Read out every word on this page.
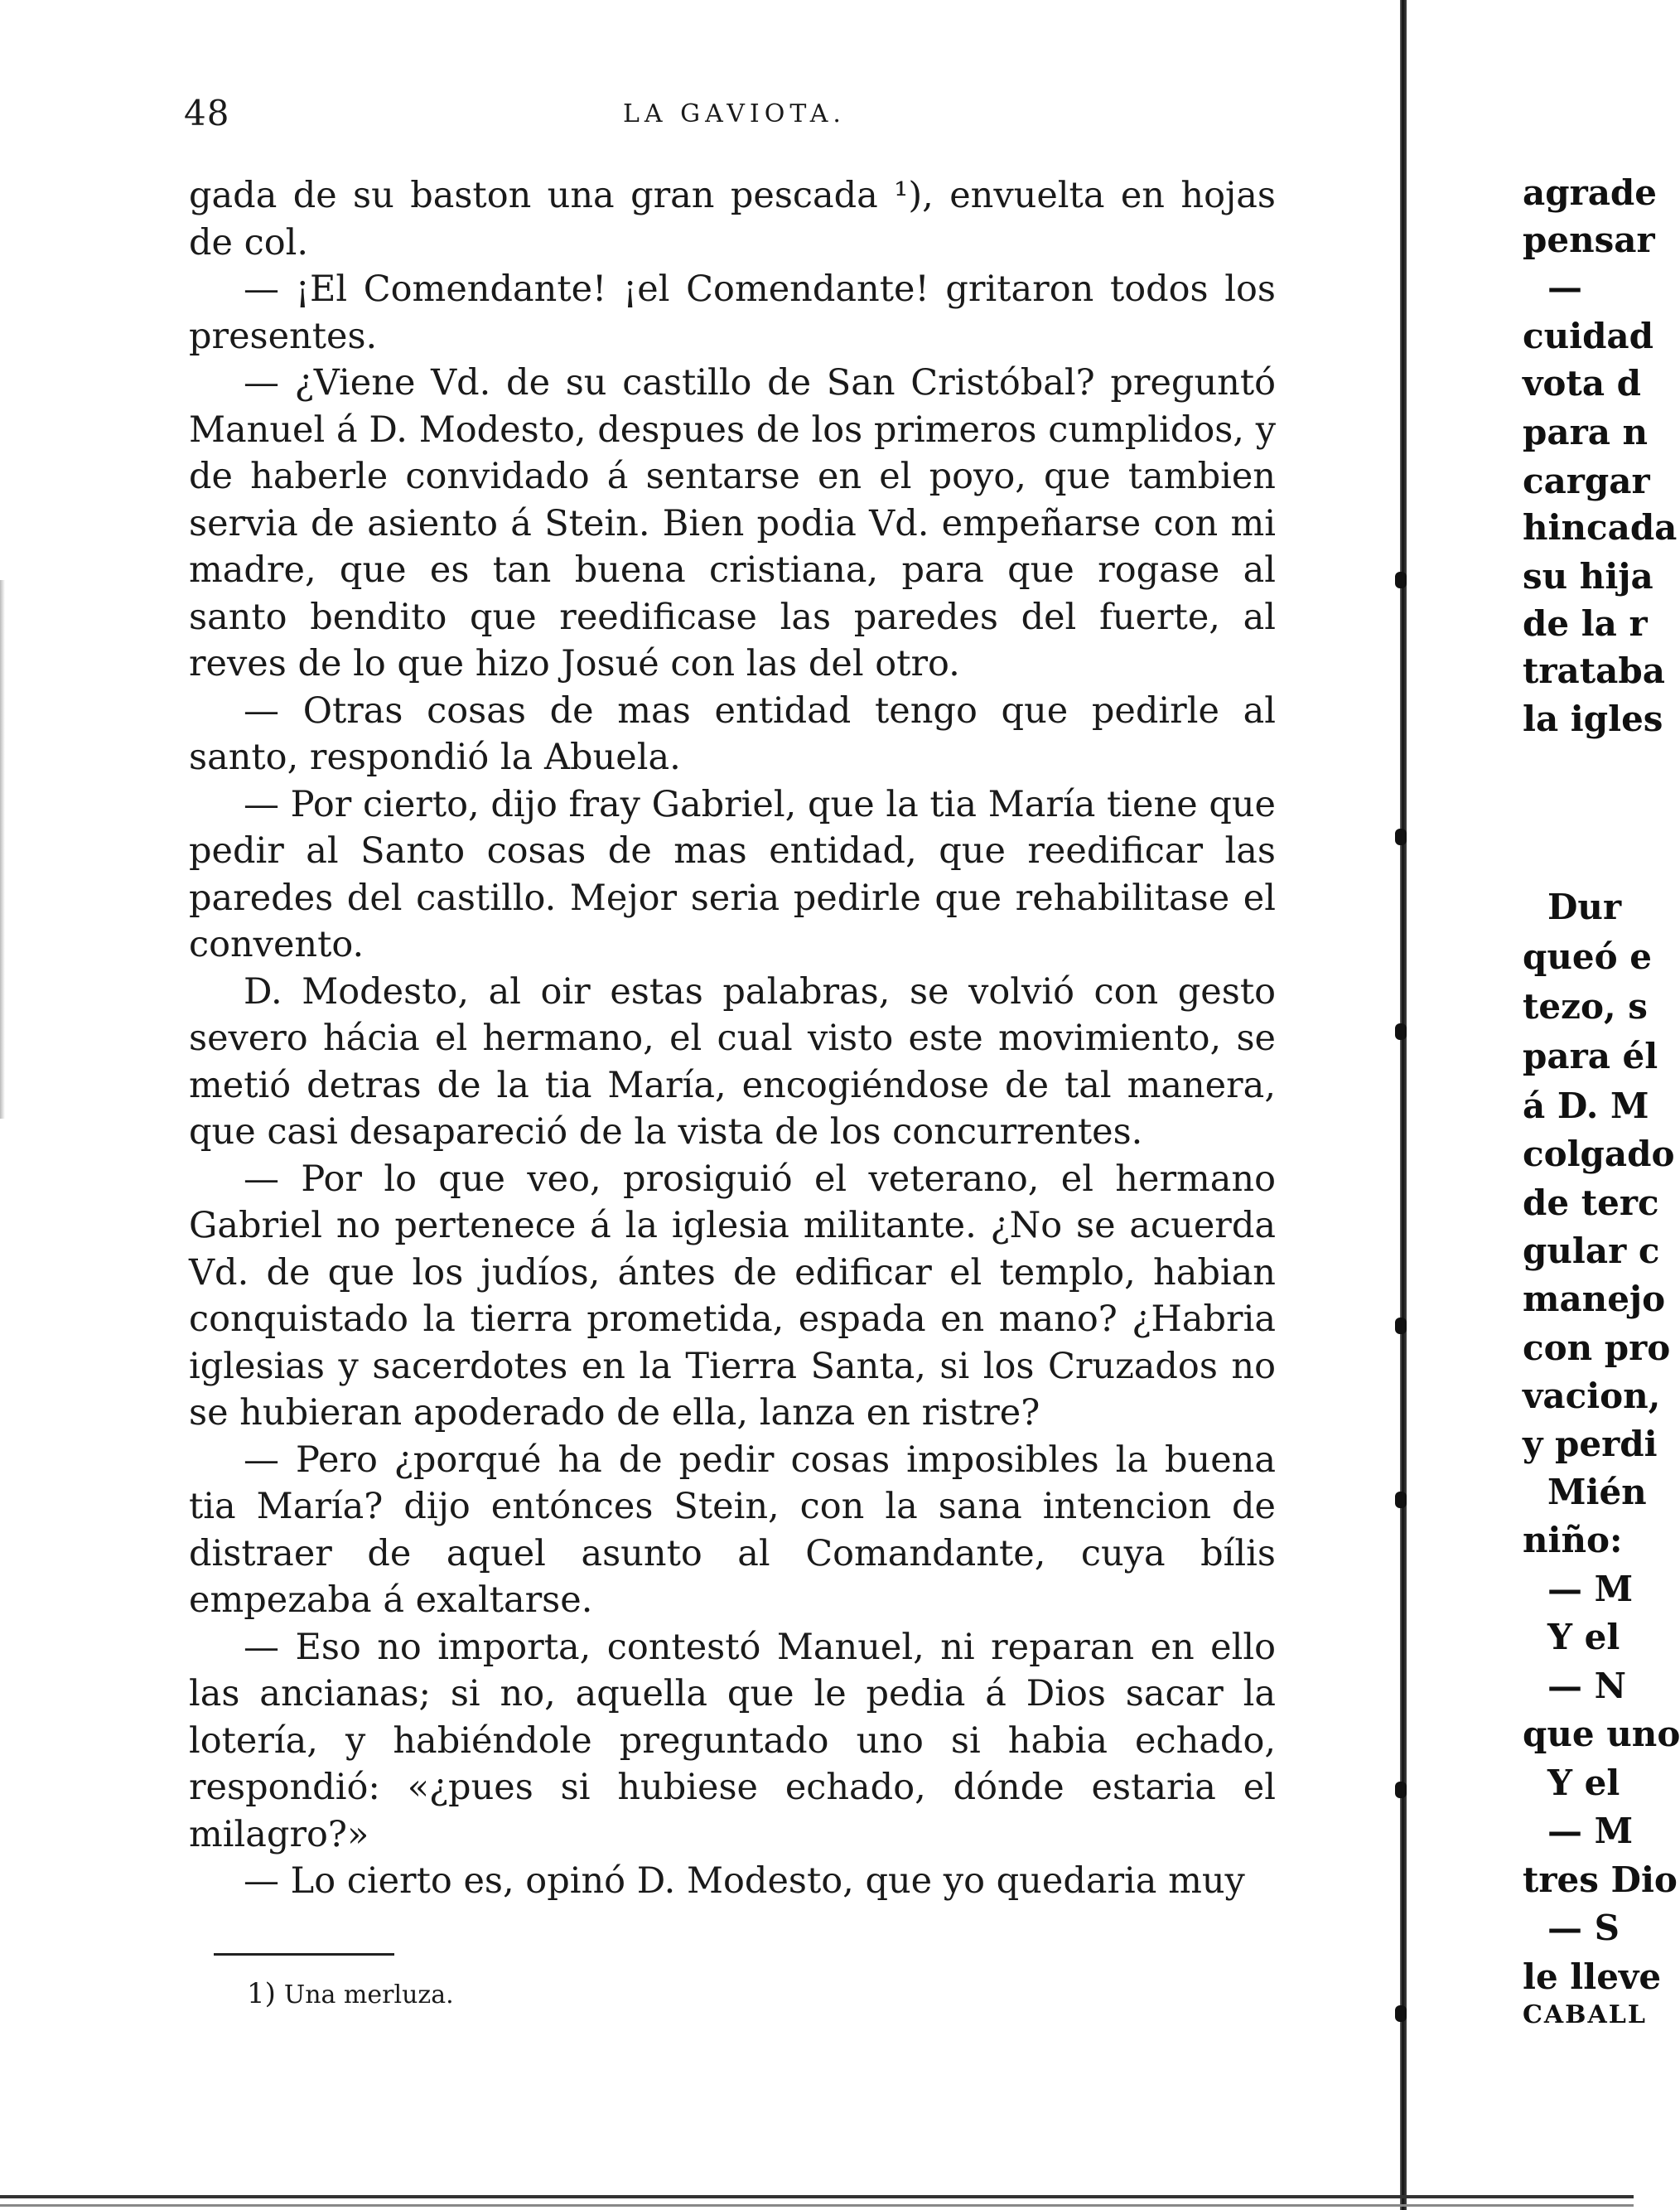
48	LA GAVIOTA.

gada de su baston una gran pescada ¹), envuelta en hojas de col.

— ¡El Comendante! ¡el Comendante! gritaron todos los presentes.

— ¿Viene Vd. de su castillo de San Cristóbal? preguntó Manuel á D. Modesto, despues de los primeros cumplidos, y de haberle convidado á sentarse en el poyo, que tambien servia de asiento á Stein. Bien podia Vd. empeñarse con mi madre, que es tan buena cristiana, para que rogase al santo bendito que reedificase las paredes del fuerte, al reves de lo que hizo Josué con las del otro.

— Otras cosas de mas entidad tengo que pedirle al santo, respondió la Abuela.

— Por cierto, dijo fray Gabriel, que la tia María tiene que pedir al Santo cosas de mas entidad, que reedificar las paredes del castillo. Mejor seria pedirle que rehabilitase el convento.

D. Modesto, al oir estas palabras, se volvió con gesto severo hácia el hermano, el cual visto este movimiento, se metió detras de la tia María, encogiéndose de tal manera, que casi desapareció de la vista de los concurrentes.

— Por lo que veo, prosiguió el veterano, el hermano Gabriel no pertenece á la iglesia militante. ¿No se acuerda Vd. de que los judíos, ántes de edificar el templo, habian conquistado la tierra prometida, espada en mano? ¿Habria iglesias y sacerdotes en la Tierra Santa, si los Cruzados no se hubieran apoderado de ella, lanza en ristre?

— Pero ¿porqué ha de pedir cosas imposibles la buena tia María? dijo entónces Stein, con la sana intencion de distraer de aquel asunto al Comandante, cuya bílis empezaba á exaltarse.

— Eso no importa, contestó Manuel, ni reparan en ello las ancianas; si no, aquella que le pedia á Dios sacar la lotería, y habiéndole preguntado uno si habia echado, respondió: «¿pues si hubiese echado, dónde estaria el milagro?»

— Lo cierto es, opinó D. Modesto, que yo quedaria muy

1) Una merluza.
agrade
pensar
—
cuidad
vota d
para n
cargar
hincada
su hija
de la r
trataba
la igles
Dur
queó e
tezo, s
para él
á D. M
colgado
de terc
gular c
manejo
con pro
vacion,
y perdi
Mién
niño:
— M
Y el
— N
que uno
Y el
— M
tres Dio
— S
le lleve
CABALL
